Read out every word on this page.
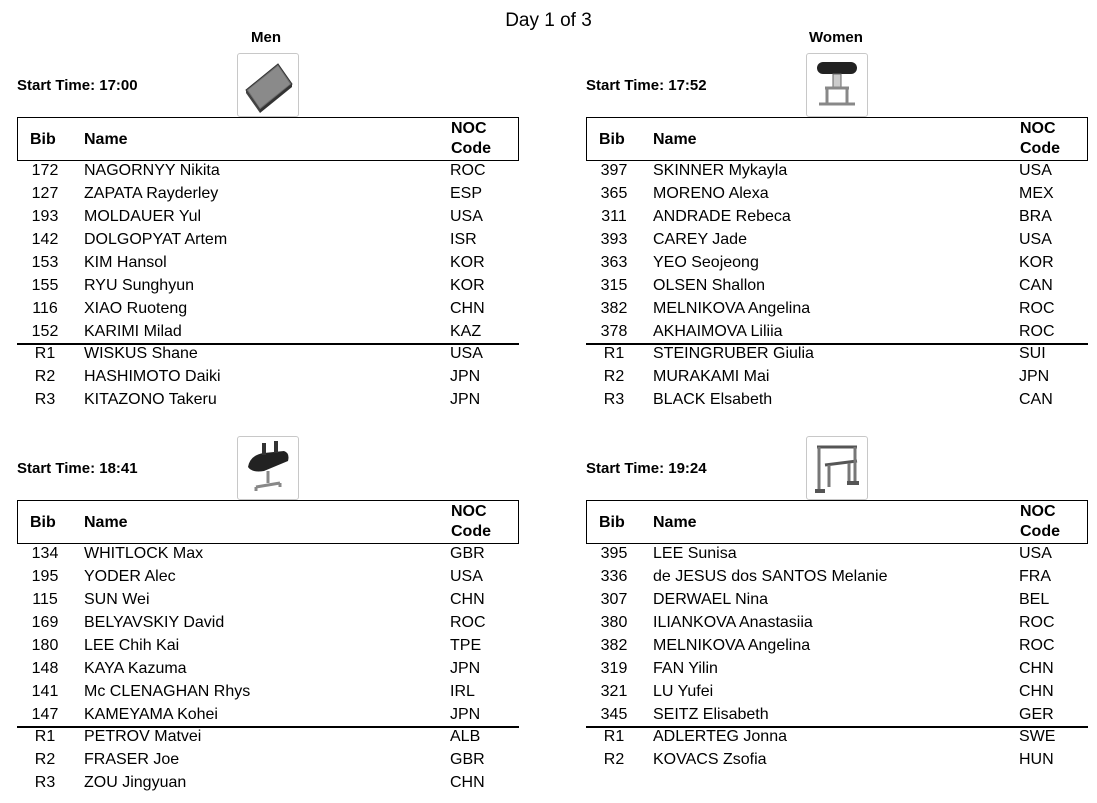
Day 1 of 3
Men	Women
Start Time: 17:00
Bib Name
NOC
Code
172	NAGORNYY Nikita	ROC
127	ZAPATA Rayderley	ESP
193	MOLDAUER Yul	USA
142	DOLGOPYAT Artem	ISR
153	KIM Hansol	KOR
155	RYU Sunghyun	KOR
116	XIAO Ruoteng	CHN
152	KARIMI Milad	KAZ
R1	WISKUS Shane	USA
R2	HASHIMOTO Daiki	JPN
R3	KITAZONO Takeru	JPN
Start Time: 17:52
Bib Name
NOC
Code
397	SKINNER Mykayla	USA
365	MORENO Alexa	MEX
311	ANDRADE Rebeca	BRA
393	CAREY Jade	USA
363	YEO Seojeong	KOR
315	OLSEN Shallon	CAN
382	MELNIKOVA Angelina	ROC
378	AKHAIMOVA Liliia	ROC
R1	STEINGRUBER Giulia	SUI
R2	MURAKAMI Mai	JPN
R3	BLACK Elsabeth	CAN
Start Time: 18:41
Bib Name
NOC
Code
134	WHITLOCK Max	GBR
195	YODER Alec	USA
115	SUN Wei	CHN
169	BELYAVSKIY David	ROC
180	LEE Chih Kai	TPE
148	KAYA Kazuma	JPN
141	Mc CLENAGHAN Rhys	IRL
147	KAMEYAMA Kohei	JPN
R1	PETROV Matvei	ALB
R2	FRASER Joe	GBR
R3	ZOU Jingyuan	CHN
Start Time: 19:24
Bib Name
NOC
Code
395	LEE Sunisa	USA
336	de JESUS dos SANTOS Melanie	FRA
307	DERWAEL Nina	BEL
380	ILIANKOVA Anastasiia	ROC
382	MELNIKOVA Angelina	ROC
319	FAN Yilin	CHN
321	LU Yufei	CHN
345	SEITZ Elisabeth	GER
R1	ADLERTEG Jonna	SWE
R2	KOVACS Zsofia	HUN
